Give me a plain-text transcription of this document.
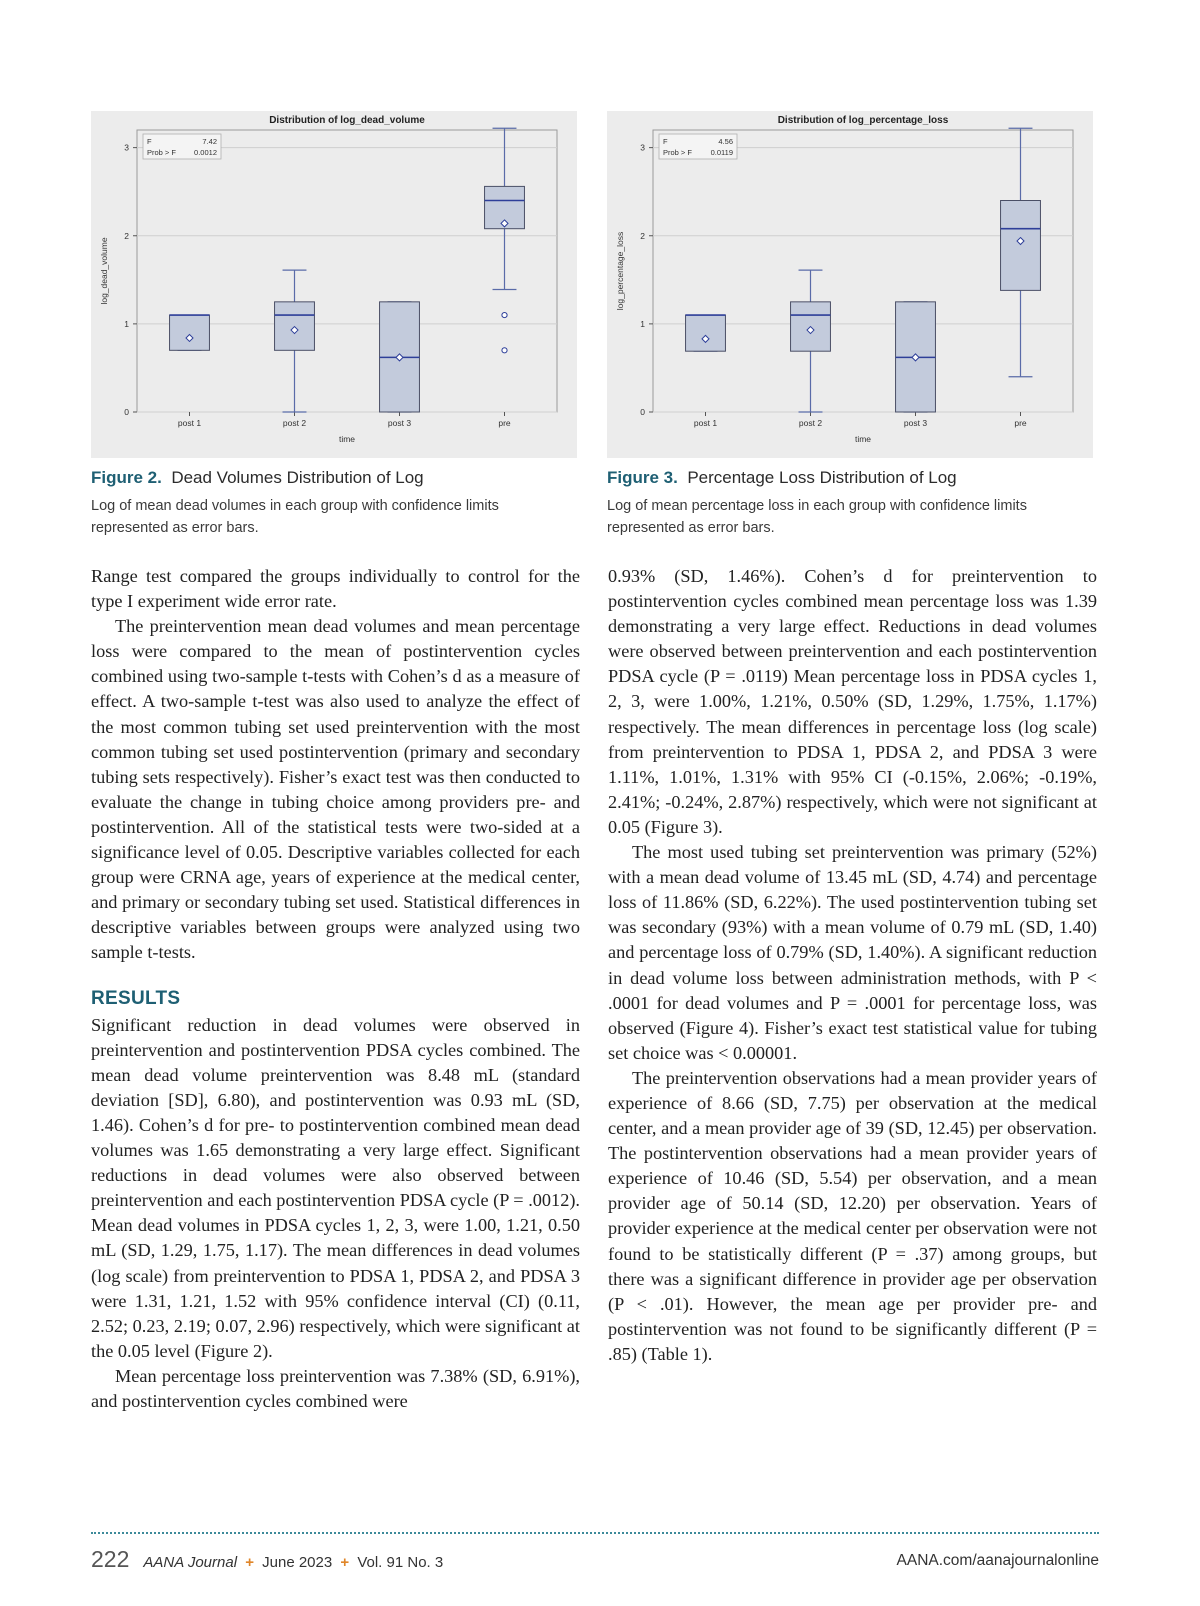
Distribution of log_dead_volume
0
1
2
3
log_dead_volume
post 1	post 2	post 3	pre
time
F	7.42
Prob > F 0.0012
Distribution of log_percentage_loss
0
1
2
3
log_percentage_loss
post 1	post 2	post 3	pre
time
F	4.56
Prob > F 0.0119

Figure 2. Dead Volumes Distribution of Log

Log of mean dead volumes in each group with confidence limits represented as error bars.

Figure 3. Percentage Loss Distribution of Log

Log of mean percentage loss in each group with confidence limits represented as error bars.

Range test compared the groups individually to control for the type I experiment wide error rate.

The preintervention mean dead volumes and mean percentage loss were compared to the mean of postintervention cycles combined using two-sample t-tests with Cohen’s d as a measure of effect. A two-sample t-test was also used to analyze the effect of the most common tubing set used preintervention with the most common tubing set used postintervention (primary and secondary tubing sets respectively). Fisher’s exact test was then conducted to evaluate the change in tubing choice among providers pre- and postintervention. All of the statistical tests were two-sided at a significance level of 0.05. Descriptive variables collected for each group were CRNA age, years of experience at the medical center, and primary or secondary tubing set used. Statistical differences in descriptive variables between groups were analyzed using two sample t-tests.

RESULTS

Significant reduction in dead volumes were observed in preintervention and postintervention PDSA cycles combined. The mean dead volume preintervention was 8.48 mL (standard deviation [SD], 6.80), and postintervention was 0.93 mL (SD, 1.46). Cohen’s d for pre- to postintervention combined mean dead volumes was 1.65 demonstrating a very large effect. Significant reductions in dead volumes were also observed between preintervention and each postintervention PDSA cycle (P = .0012). Mean dead volumes in PDSA cycles 1, 2, 3, were 1.00, 1.21, 0.50 mL (SD, 1.29, 1.75, 1.17). The mean differences in dead volumes (log scale) from preintervention to PDSA 1, PDSA 2, and PDSA 3 were 1.31, 1.21, 1.52 with 95% confidence interval (CI) (0.11, 2.52; 0.23, 2.19; 0.07, 2.96) respectively, which were significant at the 0.05 level (Figure 2).

Mean percentage loss preintervention was 7.38% (SD, 6.91%), and postintervention cycles combined were

0.93% (SD, 1.46%). Cohen’s d for preintervention to postintervention cycles combined mean percentage loss was 1.39 demonstrating a very large effect. Reductions in dead volumes were observed between preintervention and each postintervention PDSA cycle (P = .0119) Mean percentage loss in PDSA cycles 1, 2, 3, were 1.00%, 1.21%, 0.50% (SD, 1.29%, 1.75%, 1.17%) respectively. The mean differences in percentage loss (log scale) from preintervention to PDSA 1, PDSA 2, and PDSA 3 were 1.11%, 1.01%, 1.31% with 95% CI (-0.15%, 2.06%; -0.19%, 2.41%; -0.24%, 2.87%) respectively, which were not significant at 0.05 (Figure 3).

The most used tubing set preintervention was primary (52%) with a mean dead volume of 13.45 mL (SD, 4.74) and percentage loss of 11.86% (SD, 6.22%). The used postintervention tubing set was secondary (93%) with a mean volume of 0.79 mL (SD, 1.40) and percentage loss of 0.79% (SD, 1.40%). A significant reduction in dead volume loss between administration methods, with P < .0001 for dead volumes and P = .0001 for percentage loss, was observed (Figure 4). Fisher’s exact test statistical value for tubing set choice was < 0.00001.

The preintervention observations had a mean provider years of experience of 8.66 (SD, 7.75) per observation at the medical center, and a mean provider age of 39 (SD, 12.45) per observation. The postintervention observations had a mean provider years of experience of 10.46 (SD, 5.54) per observation, and a mean provider age of 50.14 (SD, 12.20) per observation. Years of provider experience at the medical center per observation were not found to be statistically different (P = .37) among groups, but there was a significant difference in provider age per observation (P < .01). However, the mean age per provider pre- and postintervention was not found to be significantly different (P = .85) (Table 1).

222 AANA Journal + June 2023 + Vol. 91 No. 3	AANA.com/aanajournalonline
